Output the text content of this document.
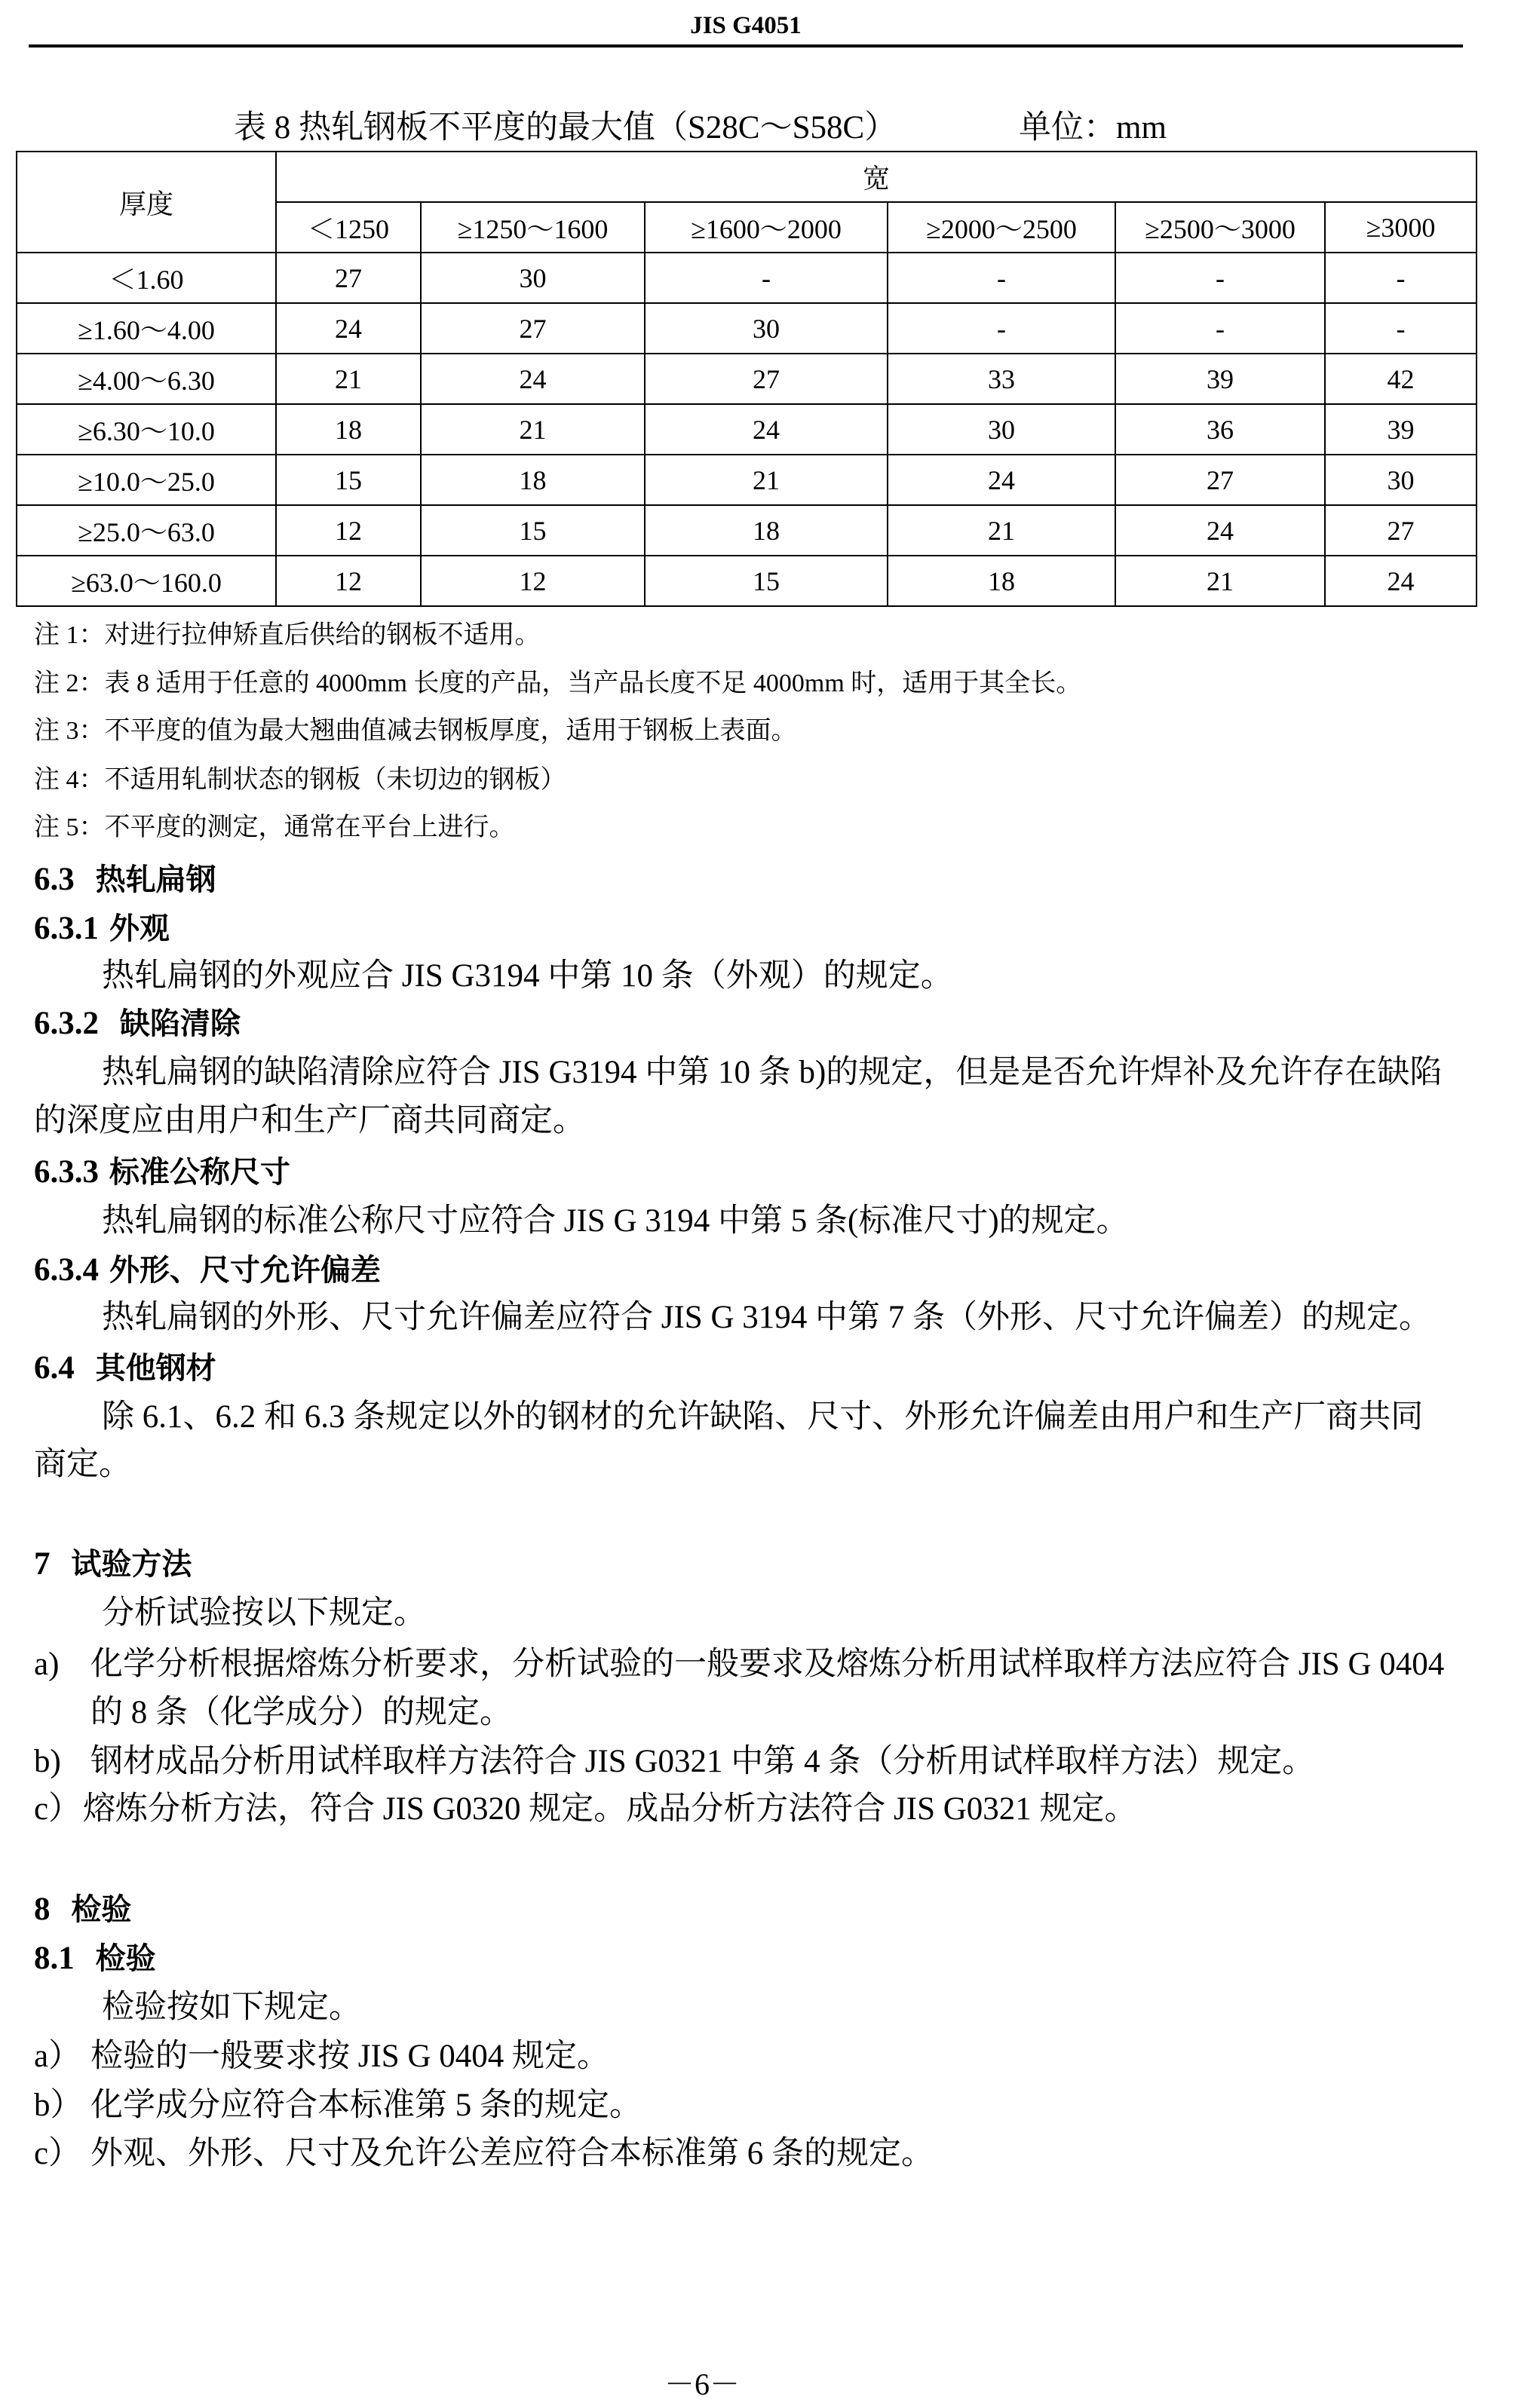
JIS G4051
表 8 热轧钢板不平度的最大值（S28C～S58C）	单位：mm
厚度	宽					
	＜1250	≥1250～1600	≥1600～2000	≥2000～2500	≥2500～3000	≥3000
＜1.60	27	30	-	-	-	-
≥1.60～4.00	24	27	30	-	-	-
≥4.00～6.30	21	24	27	33	39	42
≥6.30～10.0	18	21	24	30	36	39
≥10.0～25.0	15	18	21	24	27	30
≥25.0～63.0	12	15	18	21	24	27
≥63.0～160.0	12	12	15	18	21	24
注 1：对进行拉伸矫直后供给的钢板不适用。
注 2：表 8 适用于任意的 4000mm 长度的产品，当产品长度不足 4000mm 时，适用于其全长。
注 3：不平度的值为最大翘曲值减去钢板厚度，适用于钢板上表面。
注 4：不适用轧制状态的钢板（未切边的钢板）
注 5：不平度的测定，通常在平台上进行。
6.3 热轧扁钢
6.3.1 外观
热轧扁钢的外观应合 JIS G3194 中第 10 条（外观）的规定。
6.3.2 缺陷清除
热轧扁钢的缺陷清除应符合 JIS G3194 中第 10 条 b)的规定，但是是否允许焊补及允许存在缺陷
的深度应由用户和生产厂商共同商定。
6.3.3 标准公称尺寸
热轧扁钢的标准公称尺寸应符合 JIS G 3194 中第 5 条(标准尺寸)的规定。
6.3.4 外形、尺寸允许偏差
热轧扁钢的外形、尺寸允许偏差应符合 JIS G 3194 中第 7 条（外形、尺寸允许偏差）的规定。
6.4 其他钢材
除 6.1、6.2 和 6.3 条规定以外的钢材的允许缺陷、尺寸、外形允许偏差由用户和生产厂商共同
商定。
7 试验方法
分析试验按以下规定。
a) 化学分析根据熔炼分析要求，分析试验的一般要求及熔炼分析用试样取样方法应符合 JIS G 0404
的 8 条（化学成分）的规定。
b) 钢材成品分析用试样取样方法符合 JIS G0321 中第 4 条（分析用试样取样方法）规定。
c） 熔炼分析方法，符合 JIS G0320 规定。成品分析方法符合 JIS G0321 规定。
8 检验
8.1 检验
检验按如下规定。
a） 检验的一般要求按 JIS G 0404 规定。
b） 化学成分应符合本标准第 5 条的规定。
c） 外观、外形、尺寸及允许公差应符合本标准第 6 条的规定。
－6－
